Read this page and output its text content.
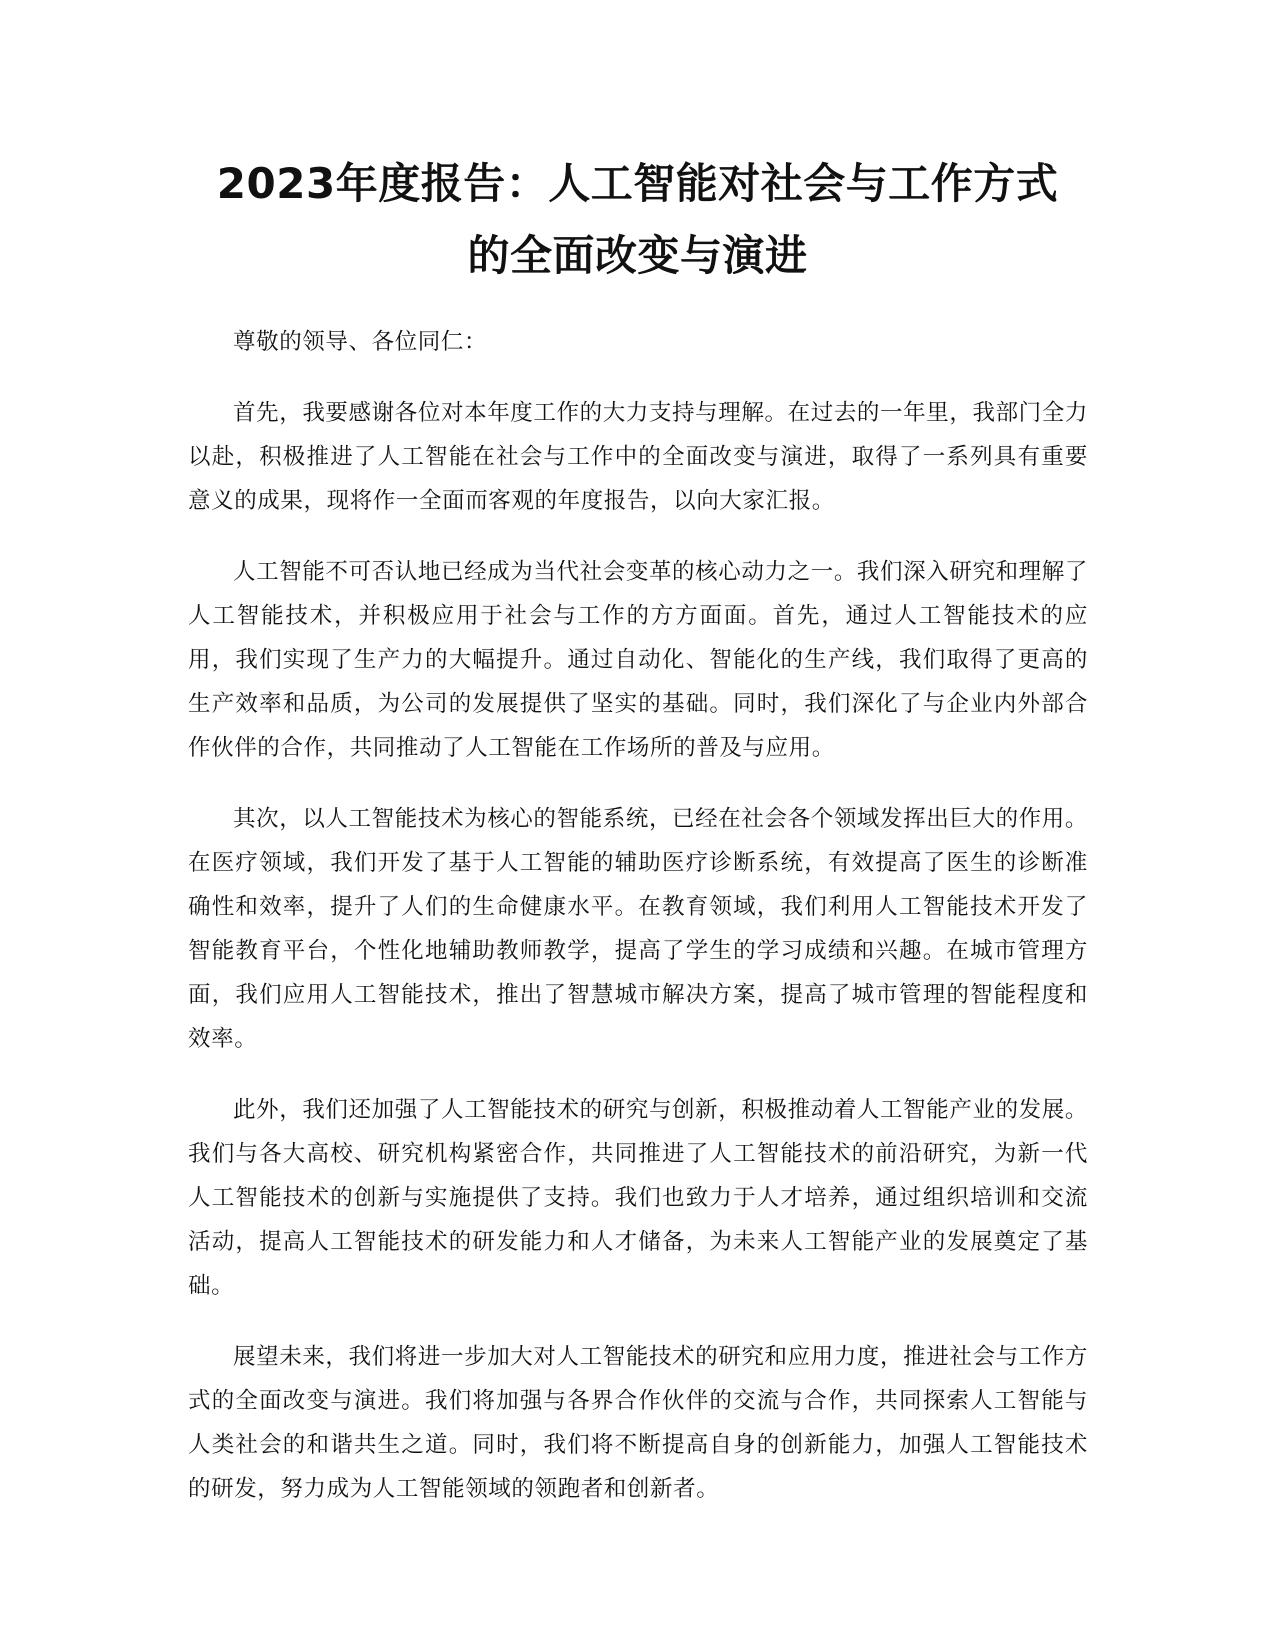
2023年度报告：人工智能对社会与工作方式
的全面改变与演进

尊敬的领导、各位同仁：

首先，我要感谢各位对本年度工作的大力支持与理解。在过去的一年里，我部门全力以赴，积极推进了人工智能在社会与工作中的全面改变与演进，取得了一系列具有重要意义的成果，现将作一全面而客观的年度报告，以向大家汇报。

人工智能不可否认地已经成为当代社会变革的核心动力之一。我们深入研究和理解了人工智能技术，并积极应用于社会与工作的方方面面。首先，通过人工智能技术的应用，我们实现了生产力的大幅提升。通过自动化、智能化的生产线，我们取得了更高的生产效率和品质，为公司的发展提供了坚实的基础。同时，我们深化了与企业内外部合作伙伴的合作，共同推动了人工智能在工作场所的普及与应用。

其次，以人工智能技术为核心的智能系统，已经在社会各个领域发挥出巨大的作用。在医疗领域，我们开发了基于人工智能的辅助医疗诊断系统，有效提高了医生的诊断准确性和效率，提升了人们的生命健康水平。在教育领域，我们利用人工智能技术开发了智能教育平台，个性化地辅助教师教学，提高了学生的学习成绩和兴趣。在城市管理方面，我们应用人工智能技术，推出了智慧城市解决方案，提高了城市管理的智能程度和效率。

此外，我们还加强了人工智能技术的研究与创新，积极推动着人工智能产业的发展。我们与各大高校、研究机构紧密合作，共同推进了人工智能技术的前沿研究，为新一代人工智能技术的创新与实施提供了支持。我们也致力于人才培养，通过组织培训和交流活动，提高人工智能技术的研发能力和人才储备，为未来人工智能产业的发展奠定了基础。

展望未来，我们将进一步加大对人工智能技术的研究和应用力度，推进社会与工作方式的全面改变与演进。我们将加强与各界合作伙伴的交流与合作，共同探索人工智能与人类社会的和谐共生之道。同时，我们将不断提高自身的创新能力，加强人工智能技术的研发，努力成为人工智能领域的领跑者和创新者。
